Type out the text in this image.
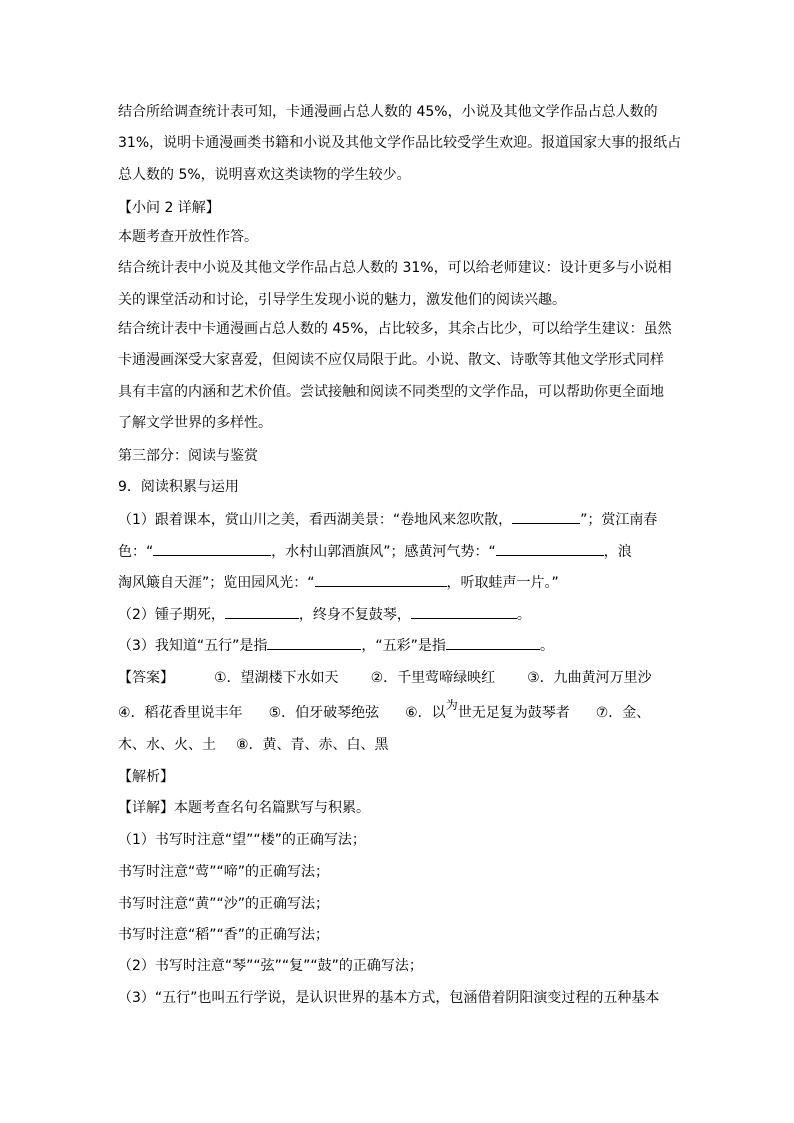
结合所给调查统计表可知，卡通漫画占总人数的 45%，小说及其他文学作品占总人数的
31%，说明卡通漫画类书籍和小说及其他文学作品比较受学生欢迎。报道国家大事的报纸占
总人数的 5%，说明喜欢这类读物的学生较少。
【小问 2 详解】
本题考查开放性作答。
结合统计表中小说及其他文学作品占总人数的 31%，可以给老师建议：设计更多与小说相
关的课堂活动和讨论，引导学生发现小说的魅力，激发他们的阅读兴趣。
结合统计表中卡通漫画占总人数的 45%，占比较多，其余占比少，可以给学生建议：虽然
卡通漫画深受大家喜爱，但阅读不应仅局限于此。小说、散文、诗歌等其他文学形式同样
具有丰富的内涵和艺术价值。尝试接触和阅读不同类型的文学作品，可以帮助你更全面地
了解文学世界的多样性。
第三部分：阅读与鉴赏
9．阅读积累与运用
（1）跟着课本，赏山川之美，看西湖美景：“卷地风来忽吹散，	”；赏江南春
色：“	，水村山郭酒旗风”；感黄河气势：“	，浪
淘风簸自天涯”；览田园风光：“	，听取蛙声一片。”
（2）锺子期死，	，终身不复鼓琴，	。
（3）我知道“五行”是指	，“五彩”是指	。
【答案】	①．望湖楼下水如天 ②．千里莺啼绿映红 ③．九曲黄河万里沙
④．稻花香里说丰年 ⑤．伯牙破琴绝弦 ⑥．以为世无足复为鼓琴者 ⑦．金、
木、水、火、土 ⑧．黄、青、赤、白、黑
【解析】
【详解】本题考查名句名篇默写与积累。
（1）书写时注意“望”“楼”的正确写法；
书写时注意“莺”“啼”的正确写法；
书写时注意“黄”“沙”的正确写法；
书写时注意“稻”“香”的正确写法；
（2）书写时注意“琴”“弦”“复”“鼓”的正确写法；
（3）“五行”也叫五行学说，是认识世界的基本方式，包涵借着阴阳演变过程的五种基本
